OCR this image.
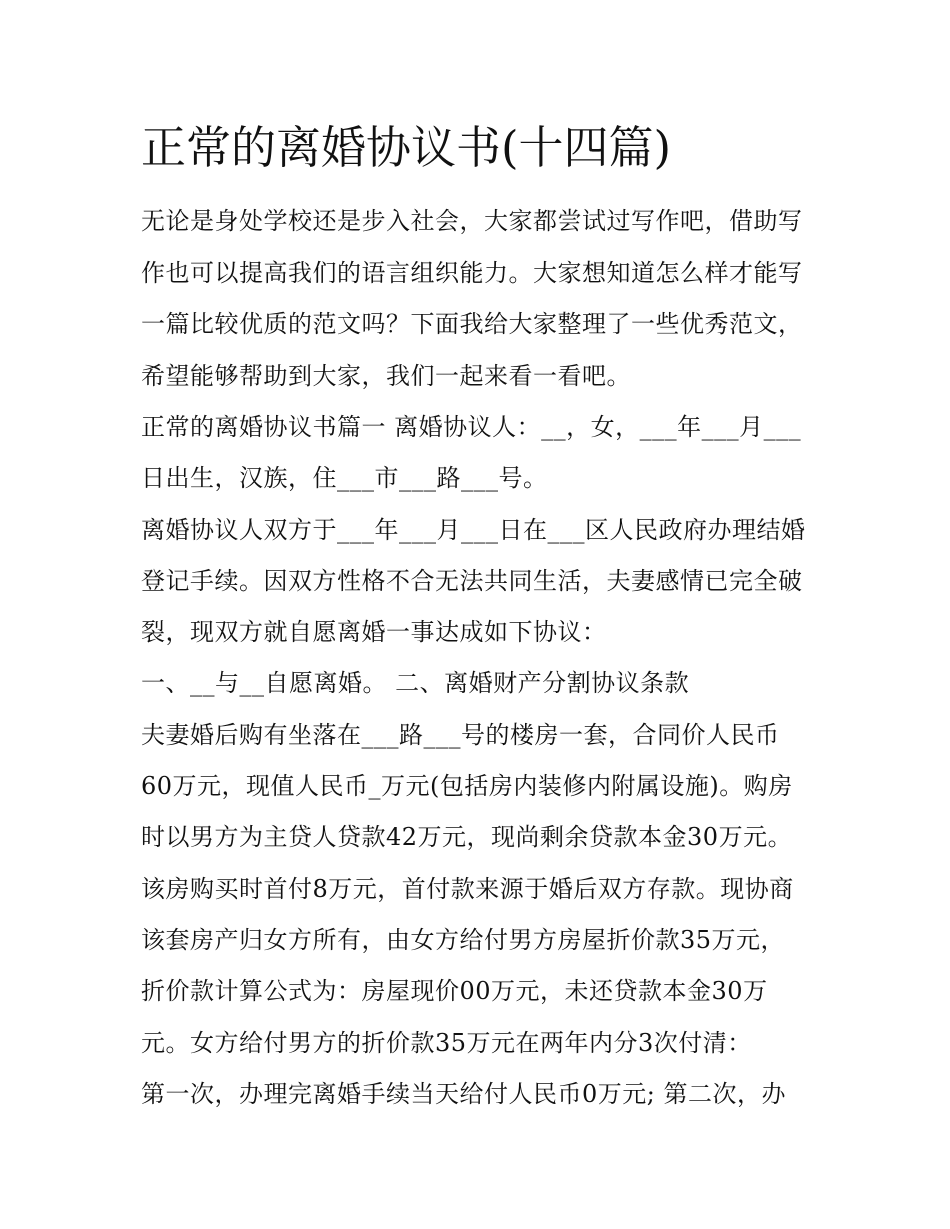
正常的离婚协议书(十四篇)

无论是身处学校还是步入社会，大家都尝试过写作吧，借助写

作也可以提高我们的语言组织能力。大家想知道怎么样才能写

一篇比较优质的范文吗？下面我给大家整理了一些优秀范文，

希望能够帮助到大家，我们一起来看一看吧。

正常的离婚协议书篇一 离婚协议人：__，女，___年___月___

日出生，汉族，住___市___路___号。

离婚协议人双方于___年___月___日在___区人民政府办理结婚

登记手续。因双方性格不合无法共同生活，夫妻感情已完全破

裂，现双方就自愿离婚一事达成如下协议：

一、__与__自愿离婚。 二、离婚财产分割协议条款

夫妻婚后购有坐落在___路___号的楼房一套，合同价人民币

60万元，现值人民币_万元(包括房内装修内附属设施)。购房

时以男方为主贷人贷款42万元，现尚剩余贷款本金30万元。

该房购买时首付8万元，首付款来源于婚后双方存款。现协商

该套房产归女方所有，由女方给付男方房屋折价款35万元，

折价款计算公式为：房屋现价00万元，未还贷款本金30万

元。女方给付男方的折价款35万元在两年内分3次付清：

第一次，办理完离婚手续当天给付人民币0万元; 第二次，办
